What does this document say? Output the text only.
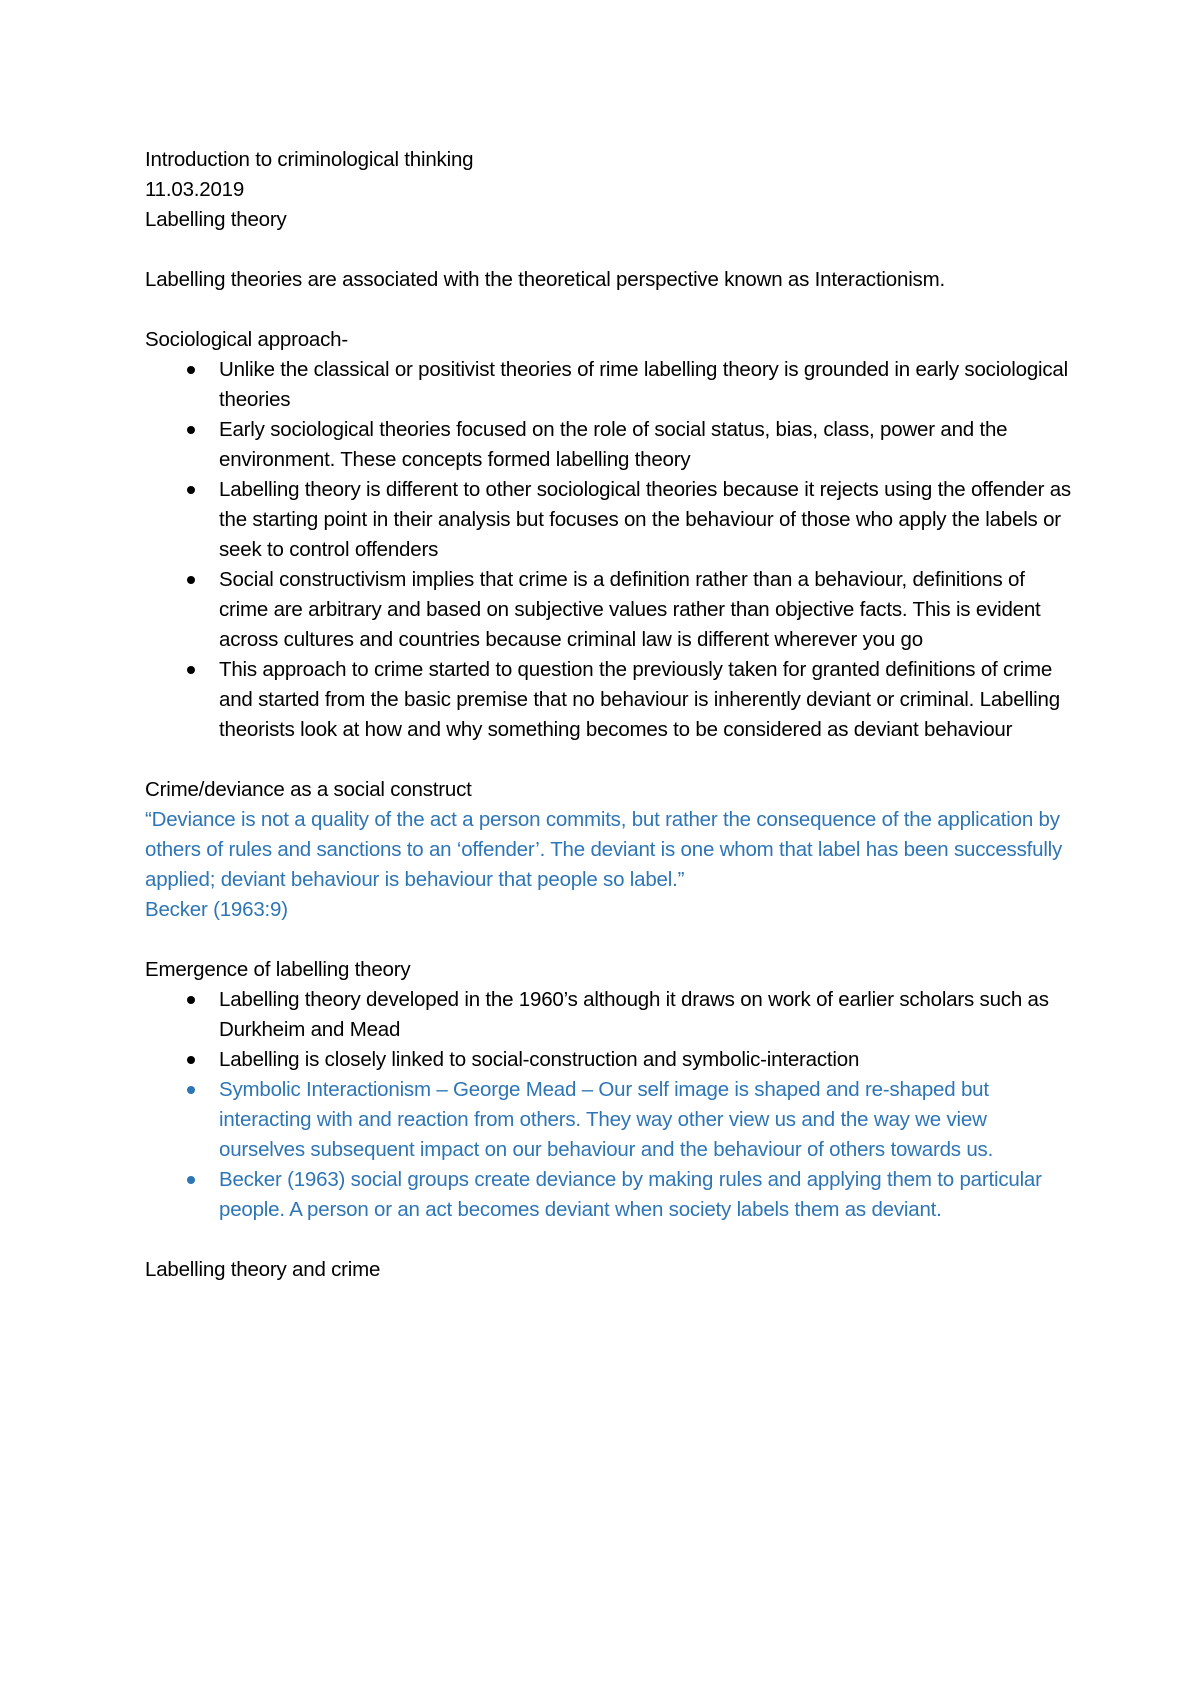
Introduction to criminological thinking

11.03.2019

Labelling theory

Labelling theories are associated with the theoretical perspective known as Interactionism.

Sociological approach-

Unlike the classical or positivist theories of rime labelling theory is grounded in early sociological theories
Early sociological theories focused on the role of social status, bias, class, power and the environment. These concepts formed labelling theory
Labelling theory is different to other sociological theories because it rejects using the offender as the starting point in their analysis but focuses on the behaviour of those who apply the labels or seek to control offenders
Social constructivism implies that crime is a definition rather than a behaviour, definitions of crime are arbitrary and based on subjective values rather than objective facts. This is evident across cultures and countries because criminal law is different wherever you go
This approach to crime started to question the previously taken for granted definitions of crime and started from the basic premise that no behaviour is inherently deviant or criminal. Labelling theorists look at how and why something becomes to be considered as deviant behaviour

Crime/deviance as a social construct

“Deviance is not a quality of the act a person commits, but rather the consequence of the application by others of rules and sanctions to an ‘offender’. The deviant is one whom that label has been successfully applied; deviant behaviour is behaviour that people so label.”

Becker (1963:9)

Emergence of labelling theory

Labelling theory developed in the 1960’s although it draws on work of earlier scholars such as Durkheim and Mead
Labelling is closely linked to social-construction and symbolic-interaction
Symbolic Interactionism – George Mead – Our self image is shaped and re-shaped but interacting with and reaction from others. They way other view us and the way we view ourselves subsequent impact on our behaviour and the behaviour of others towards us.
Becker (1963) social groups create deviance by making rules and applying them to particular people. A person or an act becomes deviant when society labels them as deviant.

Labelling theory and crime
